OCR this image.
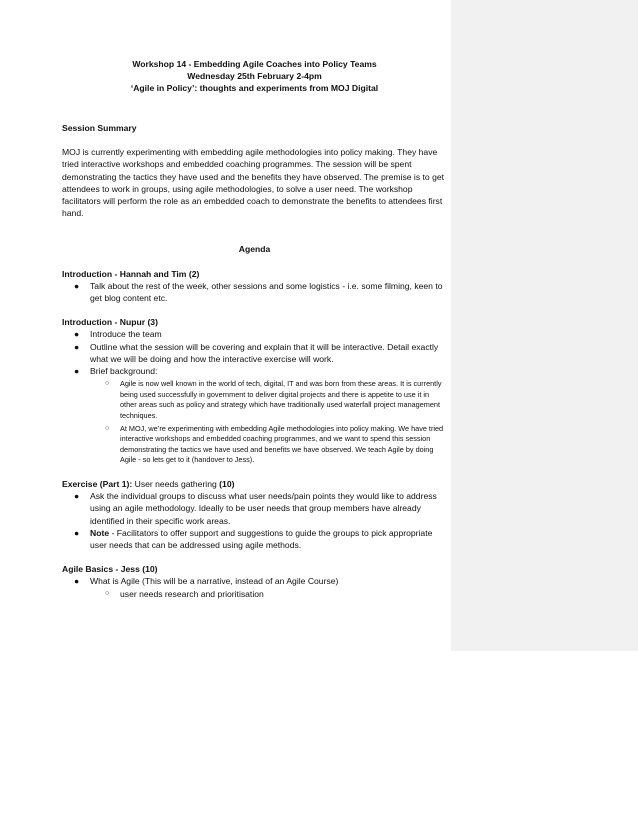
Workshop 14 - Embedding Agile Coaches into Policy Teams
Wednesday 25th February 2-4pm
‘Agile in Policy’: thoughts and experiments from MOJ Digital

Session Summary

MOJ is currently experimenting with embedding agile methodologies into policy making. They have tried interactive workshops and embedded coaching programmes. The session will be spent demonstrating the tactics they have used and the benefits they have observed. The premise is to get attendees to work in groups, using agile methodologies, to solve a user need. The workshop facilitators will perform the role as an embedded coach to demonstrate the benefits to attendees first hand.

Agenda

Introduction - Hannah and Tim (2)

● Talk about the rest of the week, other sessions and some logistics - i.e. some filming, keen to get blog content etc.

Introduction - Nupur (3)

● Introduce the team
● Outline what the session will be covering and explain that it will be interactive. Detail exactly what we will be doing and how the interactive exercise will work.
● Brief background:
○ Agile is now well known in the world of tech, digital, IT and was born from these areas. It is currently being used successfully in government to deliver digital projects and there is appetite to use it in other areas such as policy and strategy which have traditionally used waterfall project management techniques.
○ At MOJ, we’re experimenting with embedding Agile methodologies into policy making. We have tried interactive workshops and embedded coaching programmes, and we want to spend this session demonstrating the tactics we have used and benefits we have observed. We teach Agile by doing Agile - so lets get to it (handover to Jess).

Exercise (Part 1): User needs gathering (10)

● Ask the individual groups to discuss what user needs/pain points they would like to address using an agile methodology. Ideally to be user needs that group members have already identified in their specific work areas.
● Note - Facilitators to offer support and suggestions to guide the groups to pick appropriate user needs that can be addressed using agile methods.

Agile Basics - Jess (10)

● What is Agile (This will be a narrative, instead of an Agile Course)
○ user needs research and prioritisation
